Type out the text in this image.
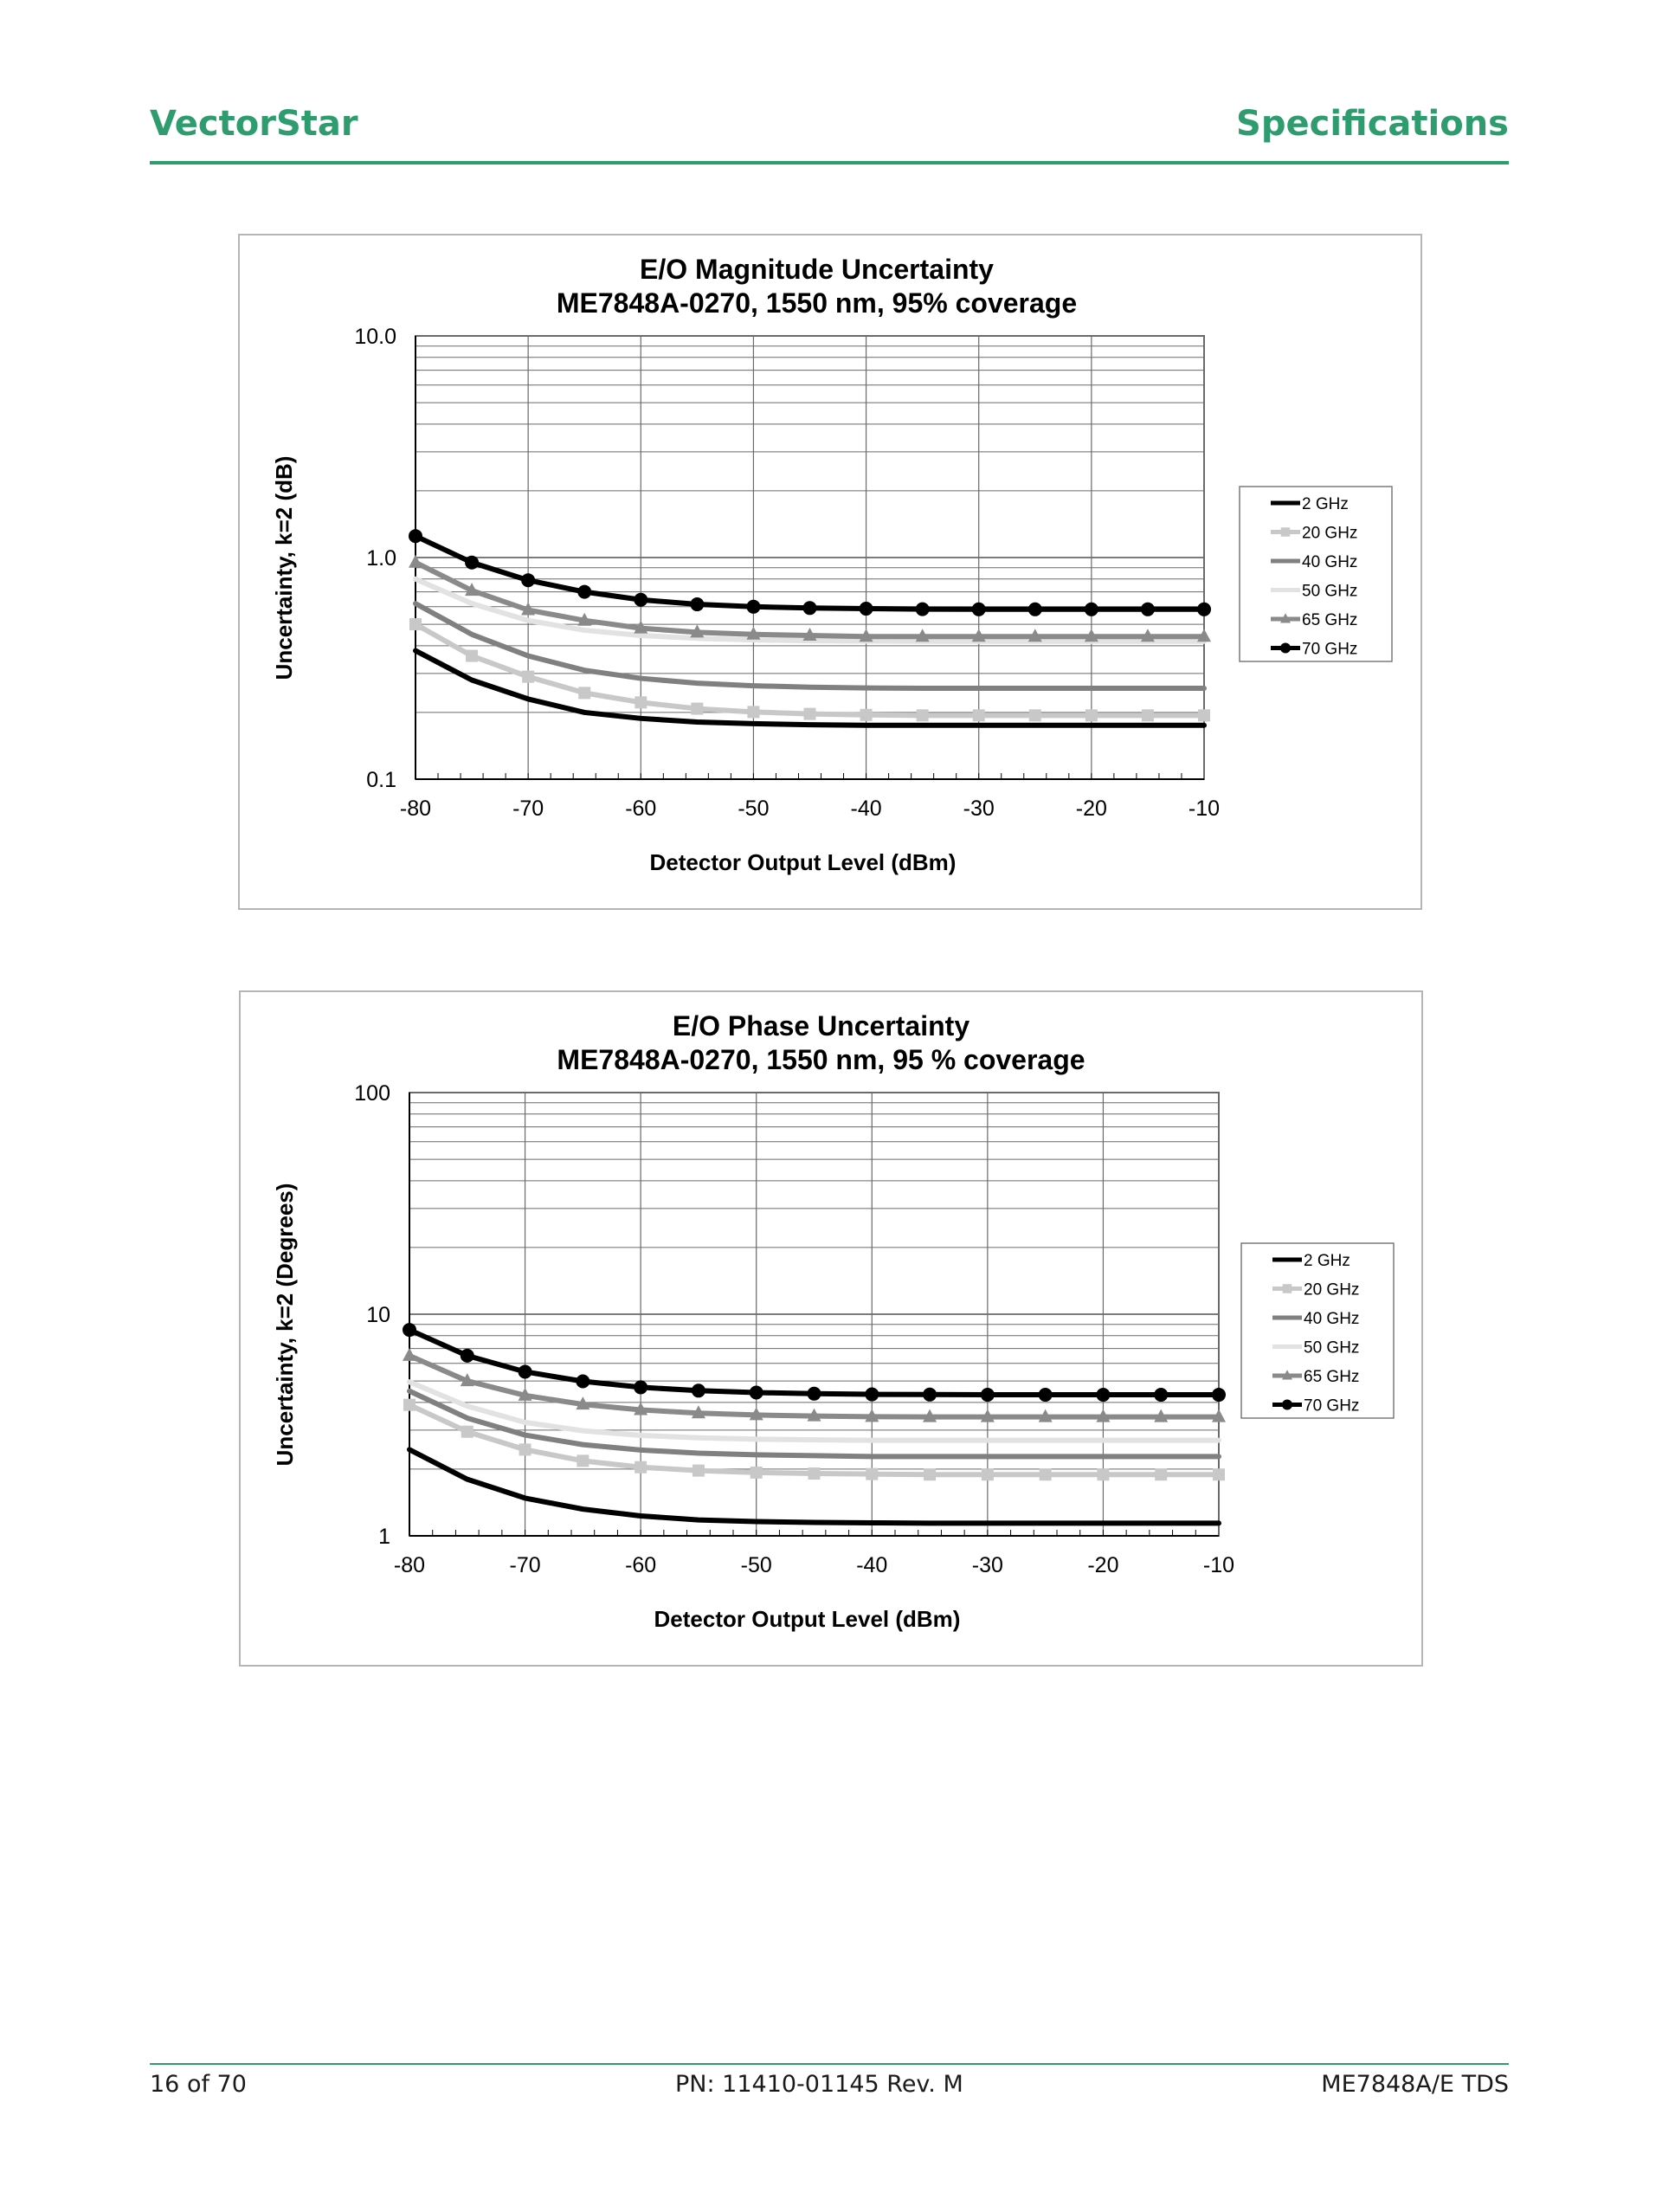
VectorStar	Specifications
E/O Magnitude Uncertainty
ME7848A-0270, 1550 nm, 95% coverage
10.0
1.0
0.1
-80	-70	-60	-50	-40	-30	-20	-10
Detector Output Level (dBm)
Uncertainty, k=2 (dB)	2 GHz
20 GHz
40 GHz
50 GHz
65 GHz
70 GHz
E/O Phase Uncertainty
ME7848A-0270, 1550 nm, 95 % coverage
100
10
1
-80	-70	-60	-50	-40	-30	-20	-10
Detector Output Level (dBm)
Uncertainty, k=2 (Degrees)	2 GHz
20 GHz
40 GHz
50 GHz
65 GHz
70 GHz
16 of 70	PN: 11410-01145 Rev. M	ME7848A/E TDS
